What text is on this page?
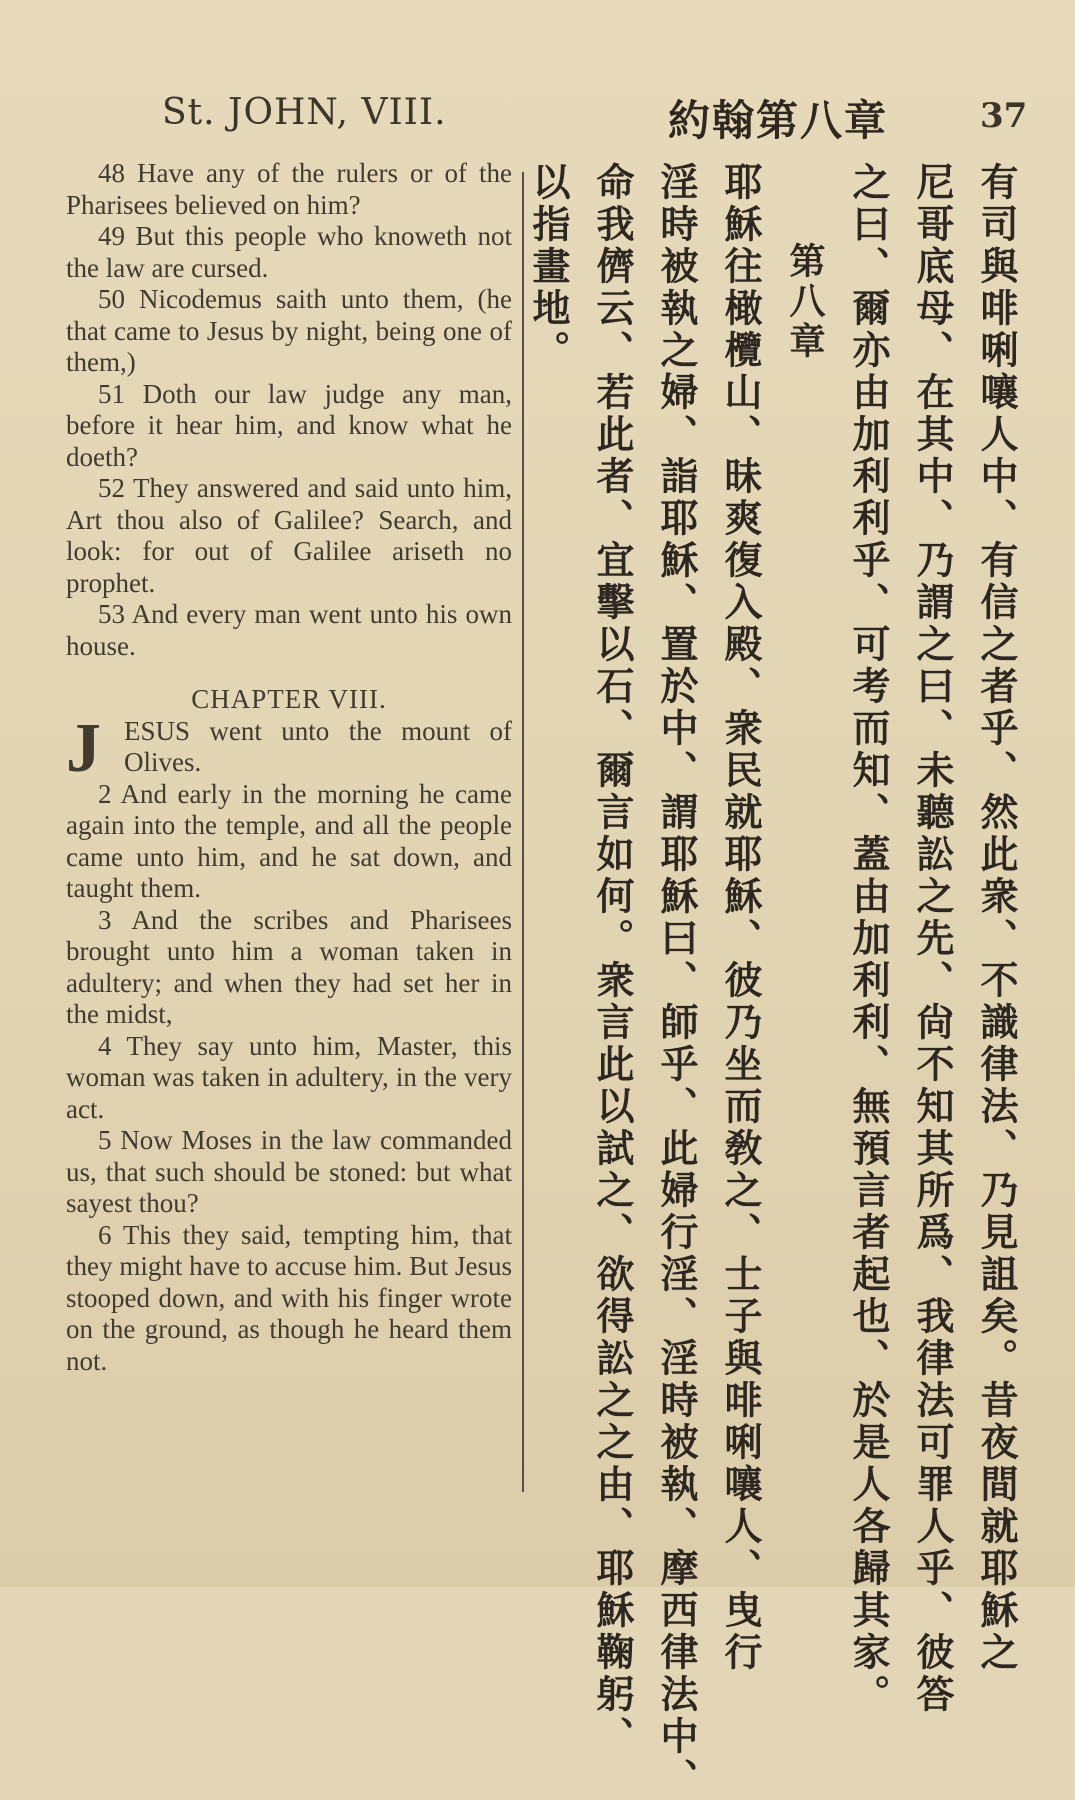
St. JOHN, VIII.	約翰第八章	37

48 Have any of the rulers or of the Pharisees believed on him?

49 But this people who knoweth not the law are cursed.

50 Nicodemus saith unto them, (he that came to Jesus by night, being one of them,)

51 Doth our law judge any man, before it hear him, and know what he doeth?

52 They answered and said unto him, Art thou also of Galilee? Search, and look: for out of Galilee ariseth no prophet.

53 And every man went unto his own house.

CHAPTER VIII.

J ESUS went unto the mount of Olives.

2 And early in the morning he came again into the temple, and all the people came unto him, and he sat down, and taught them.

3 And the scribes and Pharisees brought unto him a woman taken in adultery; and when they had set her in the midst,

4 They say unto him, Master, this woman was taken in adultery, in the very act.

5 Now Moses in the law commanded us, that such should be stoned: but what sayest thou?

6 This they said, tempting him, that they might have to accuse him. But Jesus stooped down, and with his finger wrote on the ground, as though he heard them not.	有司與啡唎嚷人中、有信之者乎、然此衆、不識律法、乃見詛矣。昔夜間就耶穌之
尼哥底母、在其中、乃謂之曰、未聽訟之先、尙不知其所爲、我律法可罪人乎、彼答
之曰、爾亦由加利利乎、可考而知、蓋由加利利、無預言者起也、於是人各歸其家。
第八章
耶穌往橄欖山、昧爽復入殿、衆民就耶穌、彼乃坐而敎之、士子與啡唎嚷人、曳行
淫時被執之婦、詣耶穌、置於中、謂耶穌曰、師乎、此婦行淫、淫時被執、摩西律法中、
命我儕云、若此者、宜擊以石、爾言如何。衆言此以試之、欲得訟之之由、耶穌鞠躬、
以指畫地。
